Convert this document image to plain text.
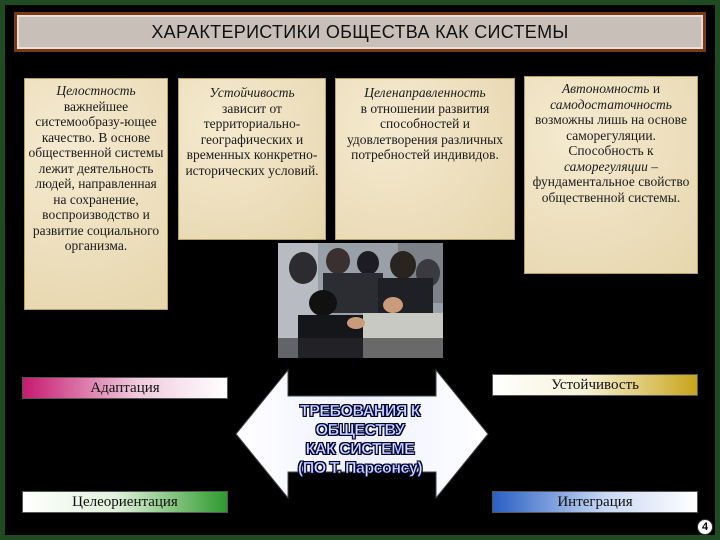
ХАРАКТЕРИСТИКИ ОБЩЕСТВА КАК СИСТЕМЫ
Целостность
важнейшее системообразу-ющее качество. В основе общественной системы лежит деятельность людей, направленная на сохранение, воспроизводство и развитие социального организма.
Устойчивость
зависит от территориально-географических и временных конкретно-исторических условий.
Целенаправленность
в отношении развития способностей и удовлетворения различных потребностей индивидов.
Автономность и
самодостаточность
возможны лишь на основе саморегуляции. Способность к саморегуляции – фундаментальное свойство общественной системы.
ТРЕБОВАНИЯ К ОБЩЕСТВУ
КАК СИСТЕМЕ
(ПО Т. Парсонсу)
Адаптация	Устойчивость
Целеориентация	Интеграция
4
